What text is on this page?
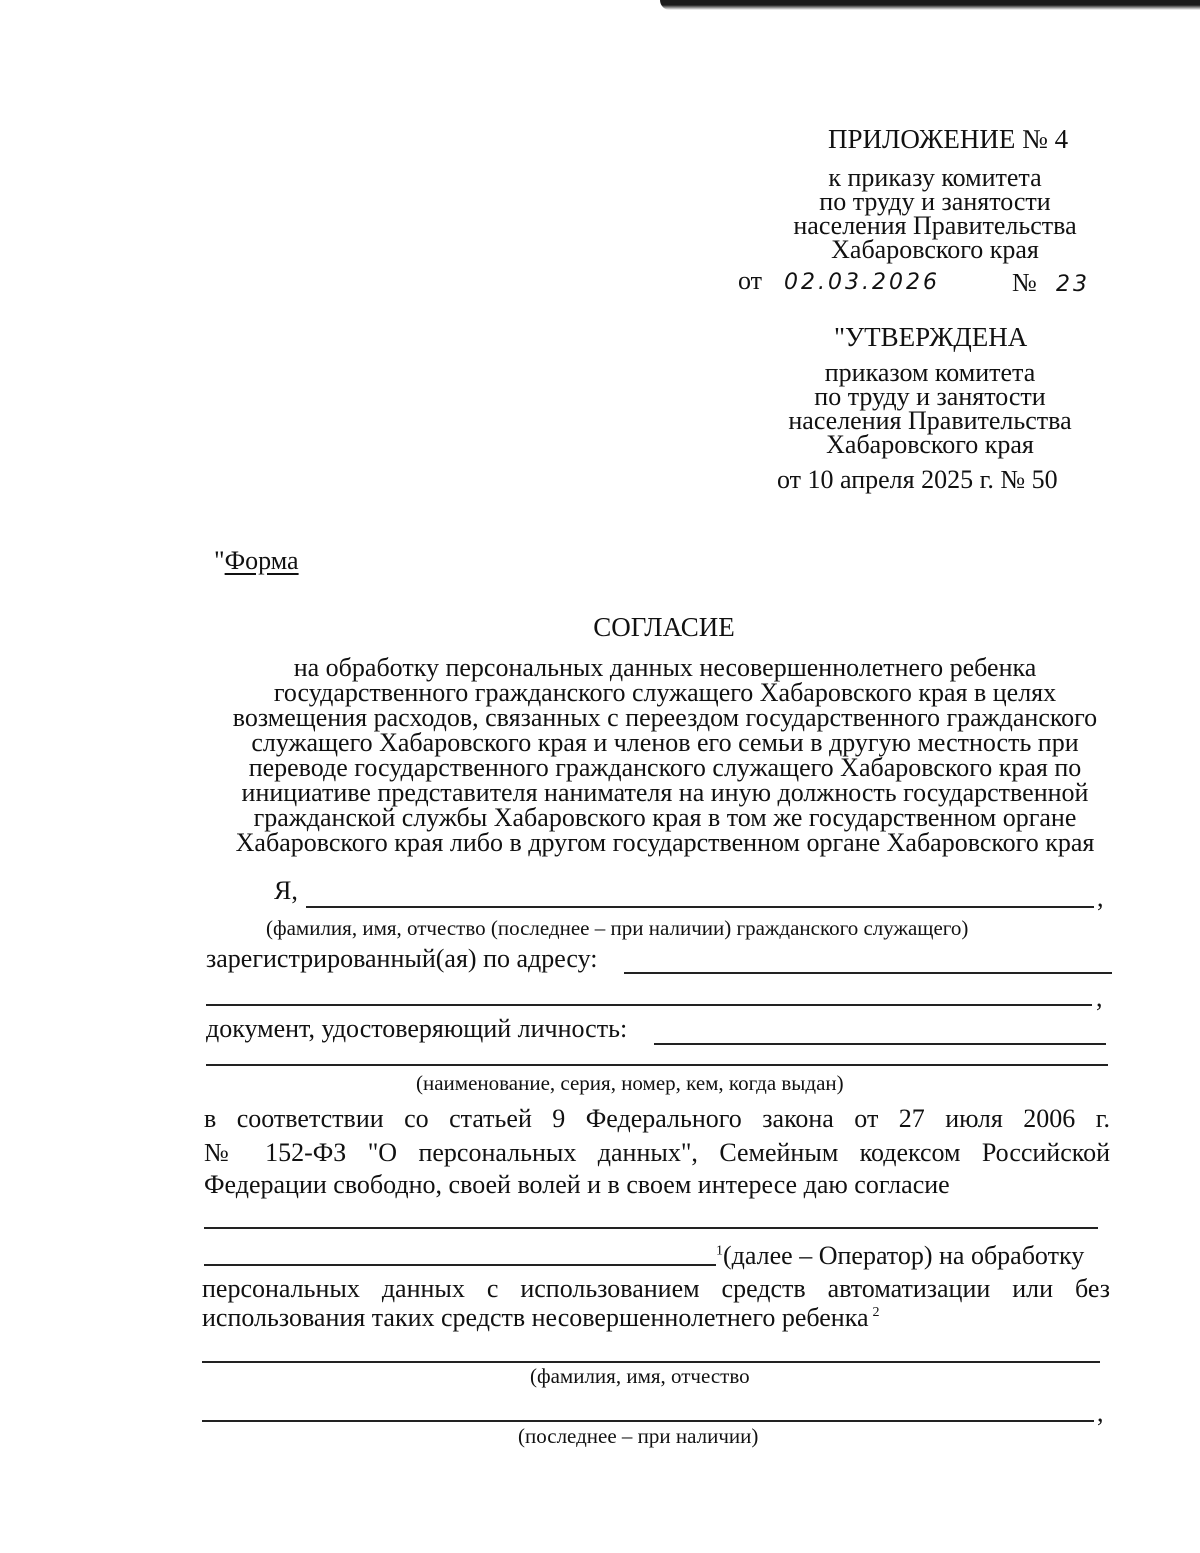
ПРИЛОЖЕНИЕ № 4
к приказу комитета
по труду и занятости
населения Правительства
Хабаровского края
от 02.03.2026	№ 23
"УТВЕРЖДЕНА
приказом комитета
по труду и занятости
населения Правительства
Хабаровского края
от 10 апреля 2025 г. № 50
"Форма
СОГЛАСИЕ
на обработку персональных данных несовершеннолетнего ребенка
государственного гражданского служащего Хабаровского края в целях
возмещения расходов, связанных с переездом государственного гражданского
служащего Хабаровского края и членов его семьи в другую местность при
переводе государственного гражданского служащего Хабаровского края по
инициативе представителя нанимателя на иную должность государственной
гражданской службы Хабаровского края в том же государственном органе
Хабаровского края либо в другом государственном органе Хабаровского края
Я,	,
(фамилия, имя, отчество (последнее – при наличии) гражданского служащего)
зарегистрированный(ая) по адресу:
,
документ, удостоверяющий личность:
(наименование, серия, номер, кем, когда выдан)
в соответствии со статьей 9 Федерального закона от 27 июля 2006 г.
№ 152-ФЗ "О персональных данных", Семейным кодексом Российской
Федерации свободно, своей волей и в своем интересе даю согласие
$^1$(далее – Оператор) на обработку
персональных данных с использованием средств автоматизации или без
использования таких средств несовершеннолетнего ребенка $^2$
(фамилия, имя, отчество
,
(последнее – при наличии)
